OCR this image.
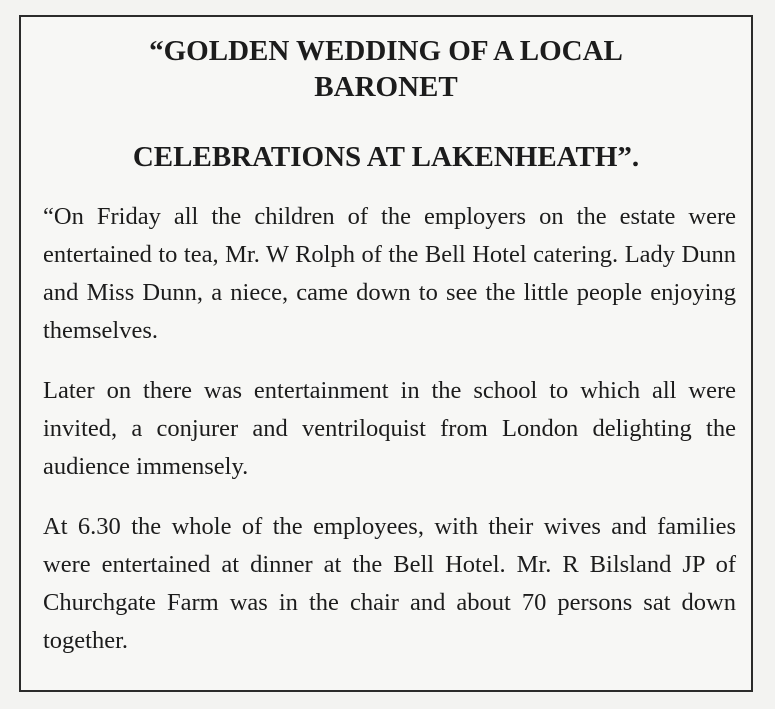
“GOLDEN WEDDING OF A LOCAL
BARONET
CELEBRATIONS AT LAKENHEATH”.

“On Friday all the children of the employers on the estate were entertained to tea, Mr. W Rolph of the Bell Hotel catering. Lady Dunn and Miss Dunn, a niece, came down to see the little people enjoying themselves.

Later on there was entertainment in the school to which all were invited, a conjurer and ventriloquist from London delighting the audience immensely.

At 6.30 the whole of the employees, with their wives and families were entertained at dinner at the Bell Hotel. Mr. R Bilsland JP of Churchgate Farm was in the chair and about 70 persons sat down together.
